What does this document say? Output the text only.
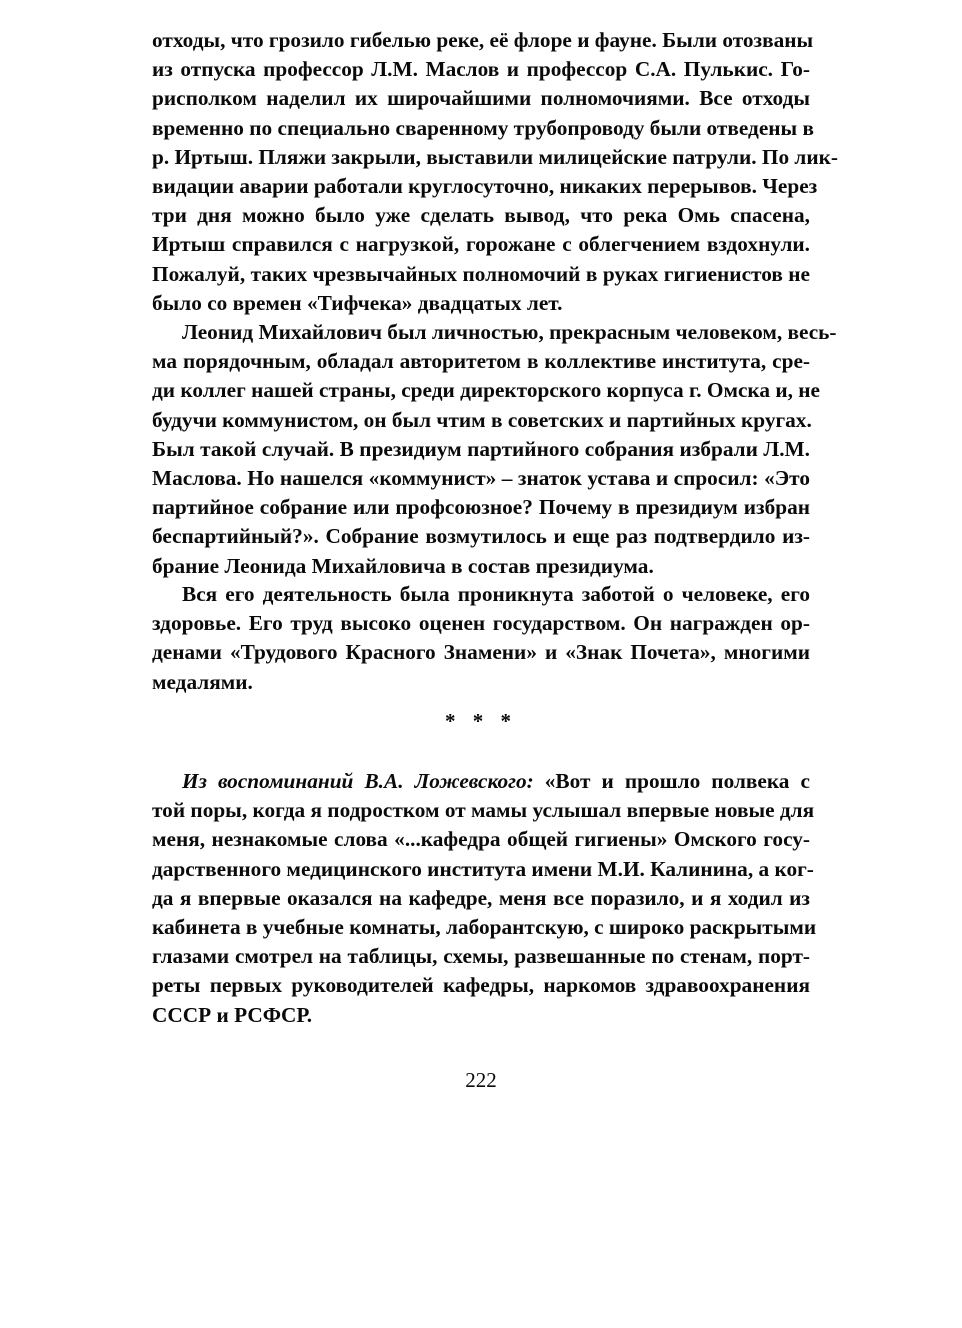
отходы, что грозило гибелью реке, её флоре и фауне. Были отозваны
из отпуска профессор Л.М. Маслов и профессор С.А. Пулькис. Го-
рисполком наделил их широчайшими полномочиями. Все отходы
временно по специально сваренному трубопроводу были отведены в
р. Иртыш. Пляжи закрыли, выставили милицейские патрули. По лик-
видации аварии работали круглосуточно, никаких перерывов. Через
три дня можно было уже сделать вывод, что река Омь спасена,
Иртыш справился с нагрузкой, горожане с облегчением вздохнули.
Пожалуй, таких чрезвычайных полномочий в руках гигиенистов не
было со времен «Тифчека» двадцатых лет.
Леонид Михайлович был личностью, прекрасным человеком, весь-
ма порядочным, обладал авторитетом в коллективе института, сре-
ди коллег нашей страны, среди директорского корпуса г. Омска и, не
будучи коммунистом, он был чтим в советских и партийных кругах.
Был такой случай. В президиум партийного собрания избрали Л.М.
Маслова. Но нашелся «коммунист» – знаток устава и спросил: «Это
партийное собрание или профсоюзное? Почему в президиум избран
беспартийный?». Собрание возмутилось и еще раз подтвердило из-
брание Леонида Михайловича в состав президиума.
Вся его деятельность была проникнута заботой о человеке, его
здоровье. Его труд высоко оценен государством. Он награжден ор-
денами «Трудового Красного Знамени» и «Знак Почета», многими
медалями.
* * *
Из воспоминаний В.А. Ложевского: «Вот и прошло полвека с
той поры, когда я подростком от мамы услышал впервые новые для
меня, незнакомые слова «...кафедра общей гигиены» Омского госу-
дарственного медицинского института имени М.И. Калинина, а ког-
да я впервые оказался на кафедре, меня все поразило, и я ходил из
кабинета в учебные комнаты, лаборантскую, с широко раскрытыми
глазами смотрел на таблицы, схемы, развешанные по стенам, порт-
реты первых руководителей кафедры, наркомов здравоохранения
СССР и РСФСР.
222
